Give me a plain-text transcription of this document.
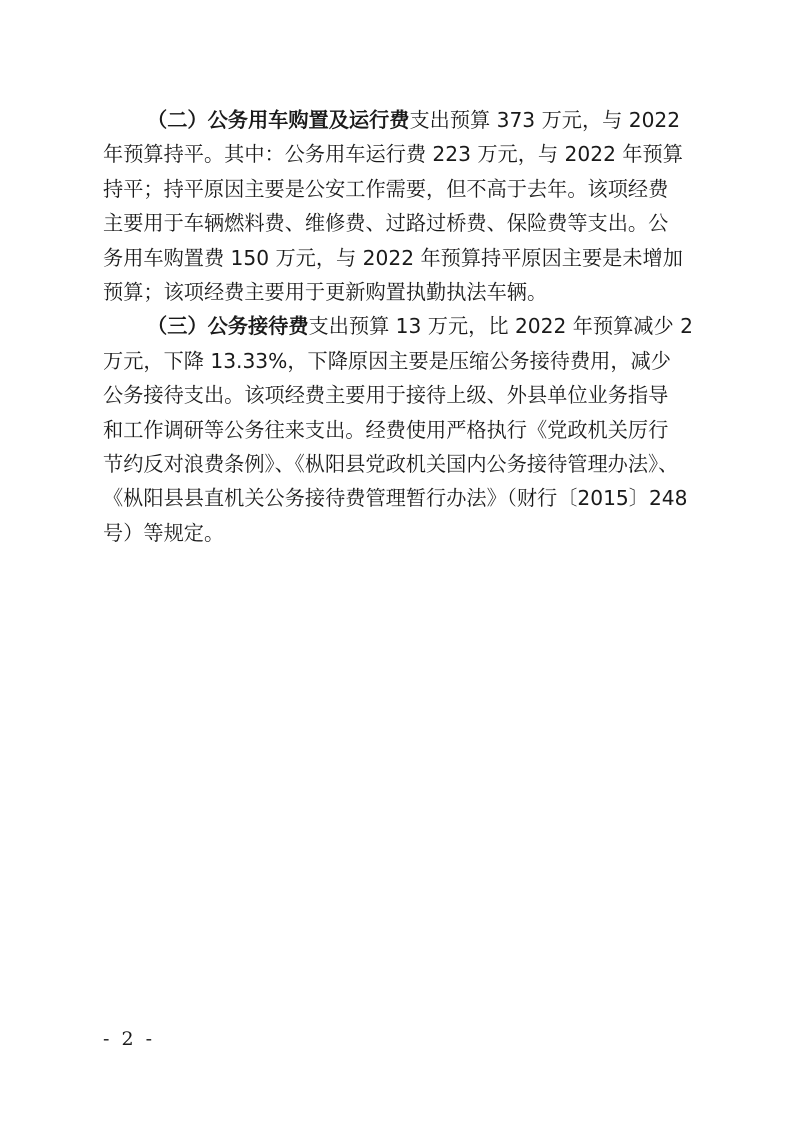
（二）公务用车购置及运行费支出预算 373 万元，与 2022
年预算持平。其中：公务用车运行费 223 万元，与 2022 年预算
持平；持平原因主要是公安工作需要，但不高于去年。该项经费
主要用于车辆燃料费、维修费、过路过桥费、保险费等支出。公
务用车购置费 150 万元，与 2022 年预算持平原因主要是未增加
预算；该项经费主要用于更新购置执勤执法车辆。
（三）公务接待费支出预算 13 万元，比 2022 年预算减少 2
万元，下降 13.33%，下降原因主要是压缩公务接待费用，减少
公务接待支出。该项经费主要用于接待上级、外县单位业务指导
和工作调研等公务往来支出。经费使用严格执行《党政机关厉行
节约反对浪费条例》、《枞阳县党政机关国内公务接待管理办法》、
《枞阳县县直机关公务接待费管理暂行办法》（财行〔2015〕248
号）等规定。
- 2 -
